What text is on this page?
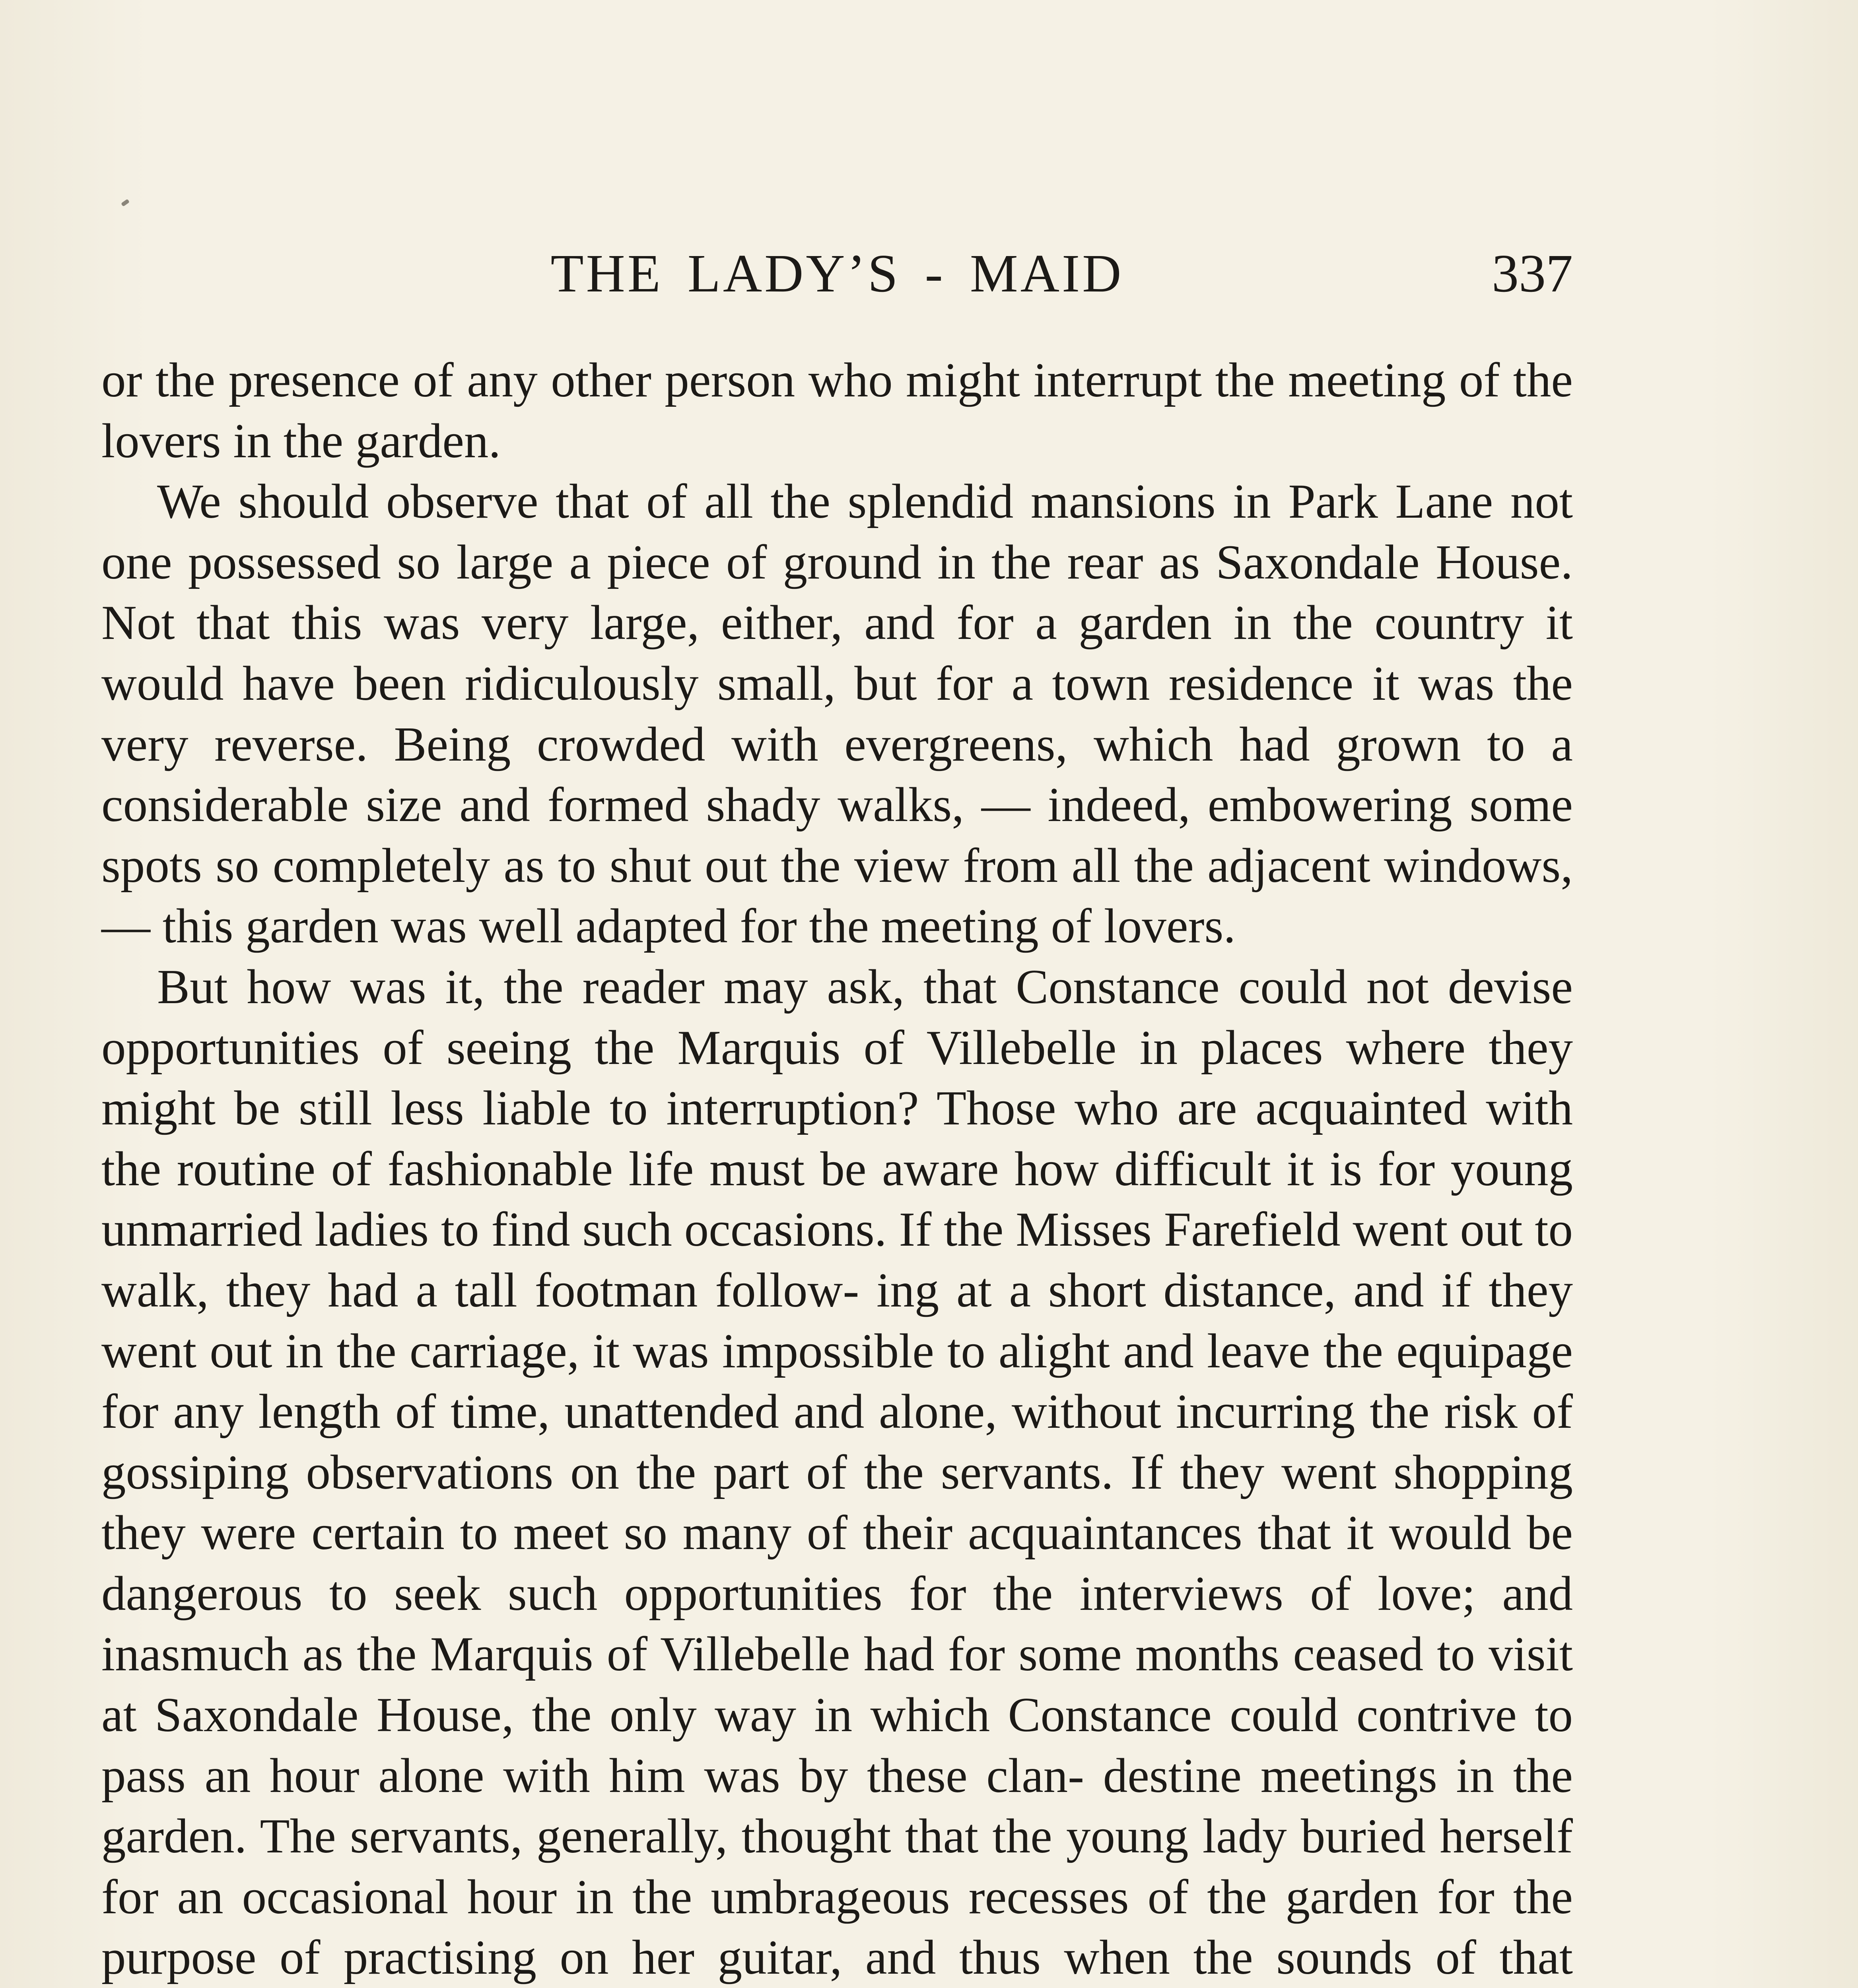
THE LADY’S - MAID	337

or the presence of any other person who might interrupt the meeting of the lovers in the garden.

We should observe that of all the splendid mansions in Park Lane not one possessed so large a piece of ground in the rear as Saxondale House. Not that this was very large, either, and for a garden in the country it would have been ridiculously small, but for a town residence it was the very reverse. Being crowded with evergreens, which had grown to a considerable size and formed shady walks, — indeed, embowering some spots so completely as to shut out the view from all the adjacent windows, — this garden was well adapted for the meeting of lovers.

But how was it, the reader may ask, that Constance could not devise opportunities of seeing the Marquis of Villebelle in places where they might be still less liable to interruption? Those who are acquainted with the routine of fashionable life must be aware how difficult it is for young unmarried ladies to find such occasions. If the Misses Farefield went out to walk, they had a tall footman follow- ing at a short distance, and if they went out in the carriage, it was impossible to alight and leave the equipage for any length of time, unattended and alone, without incurring the risk of gossiping observations on the part of the servants. If they went shopping they were certain to meet so many of their acquaintances that it would be dangerous to seek such opportunities for the interviews of love; and inasmuch as the Marquis of Villebelle had for some months ceased to visit at Saxondale House, the only way in which Constance could contrive to pass an hour alone with him was by these clan- destine meetings in the garden. The servants, generally, thought that the young lady buried herself for an occasional hour in the umbrageous recesses of the garden for the purpose of practising on her guitar, and thus when the sounds of that
